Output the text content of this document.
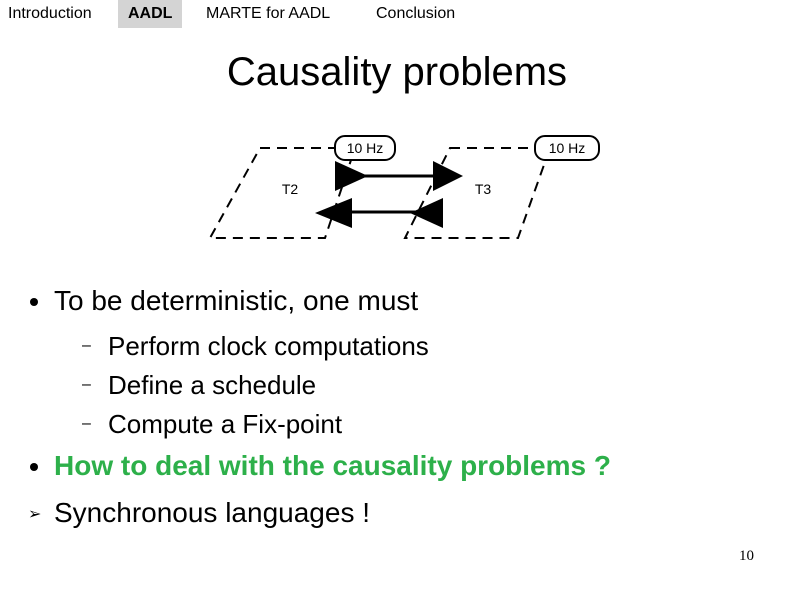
Introduction	AADL	MARTE for AADL	Conclusion
Causality problems
10 Hz	10 Hz
T2	T3
To be deterministic, one must
– Perform clock computations
– Define a schedule
– Compute a Fix-point
How to deal with the causality problems ?
➢ Synchronous languages !
10
